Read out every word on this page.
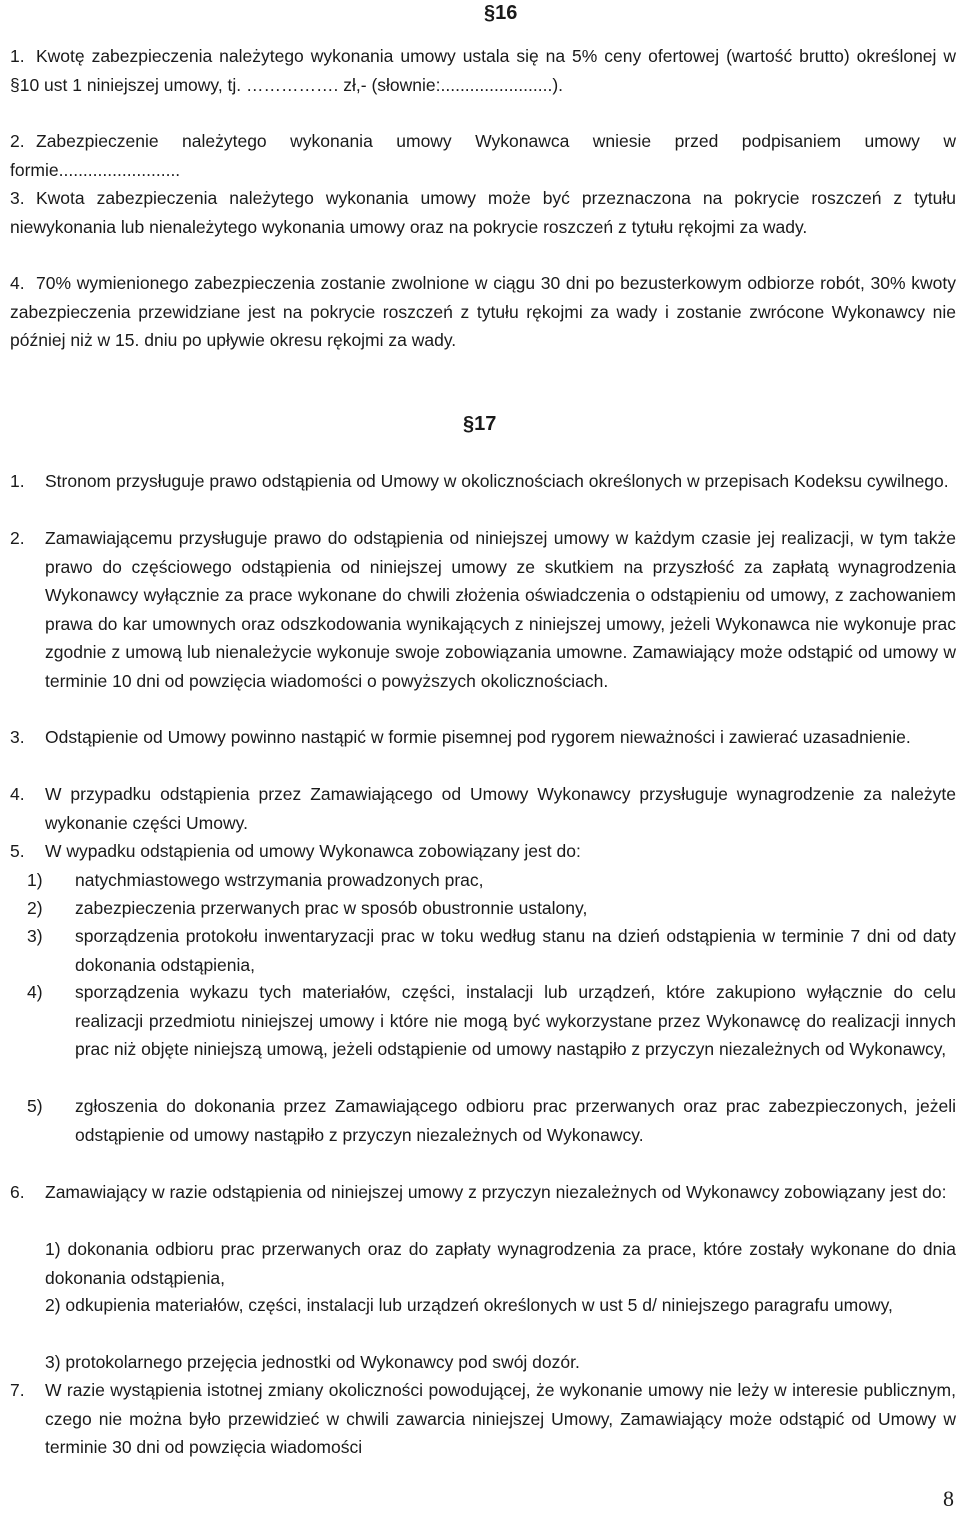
§16

1. Kwotę zabezpieczenia należytego wykonania umowy ustala się na 5% ceny ofertowej (wartość brutto) określonej w §10 ust 1 niniejszej umowy, tj. ……………. zł,- (słownie:.......................).

2. Zabezpieczenie należytego wykonania umowy Wykonawca wniesie przed podpisaniem umowy w formie.........................

3. Kwota zabezpieczenia należytego wykonania umowy może być przeznaczona na pokrycie roszczeń z tytułu niewykonania lub nienależytego wykonania umowy oraz na pokrycie roszczeń z tytułu rękojmi za wady.

4. 70% wymienionego zabezpieczenia zostanie zwolnione w ciągu 30 dni po bezusterkowym odbiorze robót, 30% kwoty zabezpieczenia przewidziane jest na pokrycie roszczeń z tytułu rękojmi za wady i zostanie zwrócone Wykonawcy nie później niż w 15. dniu po upływie okresu rękojmi za wady.

§17

1.	Stronom przysługuje prawo odstąpienia od Umowy w okolicznościach określonych w przepisach Kodeksu cywilnego.

2.	Zamawiającemu przysługuje prawo do odstąpienia od niniejszej umowy w każdym czasie jej realizacji, w tym także prawo do częściowego odstąpienia od niniejszej umowy ze skutkiem na przyszłość za zapłatą wynagrodzenia Wykonawcy wyłącznie za prace wykonane do chwili złożenia oświadczenia o odstąpieniu od umowy, z zachowaniem prawa do kar umownych oraz odszkodowania wynikających z niniejszej umowy, jeżeli Wykonawca nie wykonuje prac zgodnie z umową lub nienależycie wykonuje swoje zobowiązania umowne. Zamawiający może odstąpić od umowy w terminie 10 dni od powzięcia wiadomości o powyższych okolicznościach.

3.	Odstąpienie od Umowy powinno nastąpić w formie pisemnej pod rygorem nieważności i zawierać uzasadnienie.

4.	W przypadku odstąpienia przez Zamawiającego od Umowy Wykonawcy przysługuje wynagrodzenie za należyte wykonanie części Umowy.

5.	W wypadku odstąpienia od umowy Wykonawca zobowiązany jest do:

1)	natychmiastowego wstrzymania prowadzonych prac,

2)	zabezpieczenia przerwanych prac w sposób obustronnie ustalony,

3)	sporządzenia protokołu inwentaryzacji prac w toku według stanu na dzień odstąpienia w terminie 7 dni od daty dokonania odstąpienia,

4)	sporządzenia wykazu tych materiałów, części, instalacji lub urządzeń, które zakupiono wyłącznie do celu realizacji przedmiotu niniejszej umowy i które nie mogą być wykorzystane przez Wykonawcę do realizacji innych prac niż objęte niniejszą umową, jeżeli odstąpienie od umowy nastąpiło z przyczyn niezależnych od Wykonawcy,

5)	zgłoszenia do dokonania przez Zamawiającego odbioru prac przerwanych oraz prac zabezpieczonych, jeżeli odstąpienie od umowy nastąpiło z przyczyn niezależnych od Wykonawcy.

6.	Zamawiający w razie odstąpienia od niniejszej umowy z przyczyn niezależnych od Wykonawcy zobowiązany jest do:

1) dokonania odbioru prac przerwanych oraz do zapłaty wynagrodzenia za prace, które zostały wykonane do dnia dokonania odstąpienia,

2) odkupienia materiałów, części, instalacji lub urządzeń określonych w ust 5 d/ niniejszego paragrafu umowy,

3) protokolarnego przejęcia jednostki od Wykonawcy pod swój dozór.

7.	W razie wystąpienia istotnej zmiany okoliczności powodującej, że wykonanie umowy nie leży w interesie publicznym, czego nie można było przewidzieć w chwili zawarcia niniejszej Umowy, Zamawiający może odstąpić od Umowy w terminie 30 dni od powzięcia wiadomości

8
